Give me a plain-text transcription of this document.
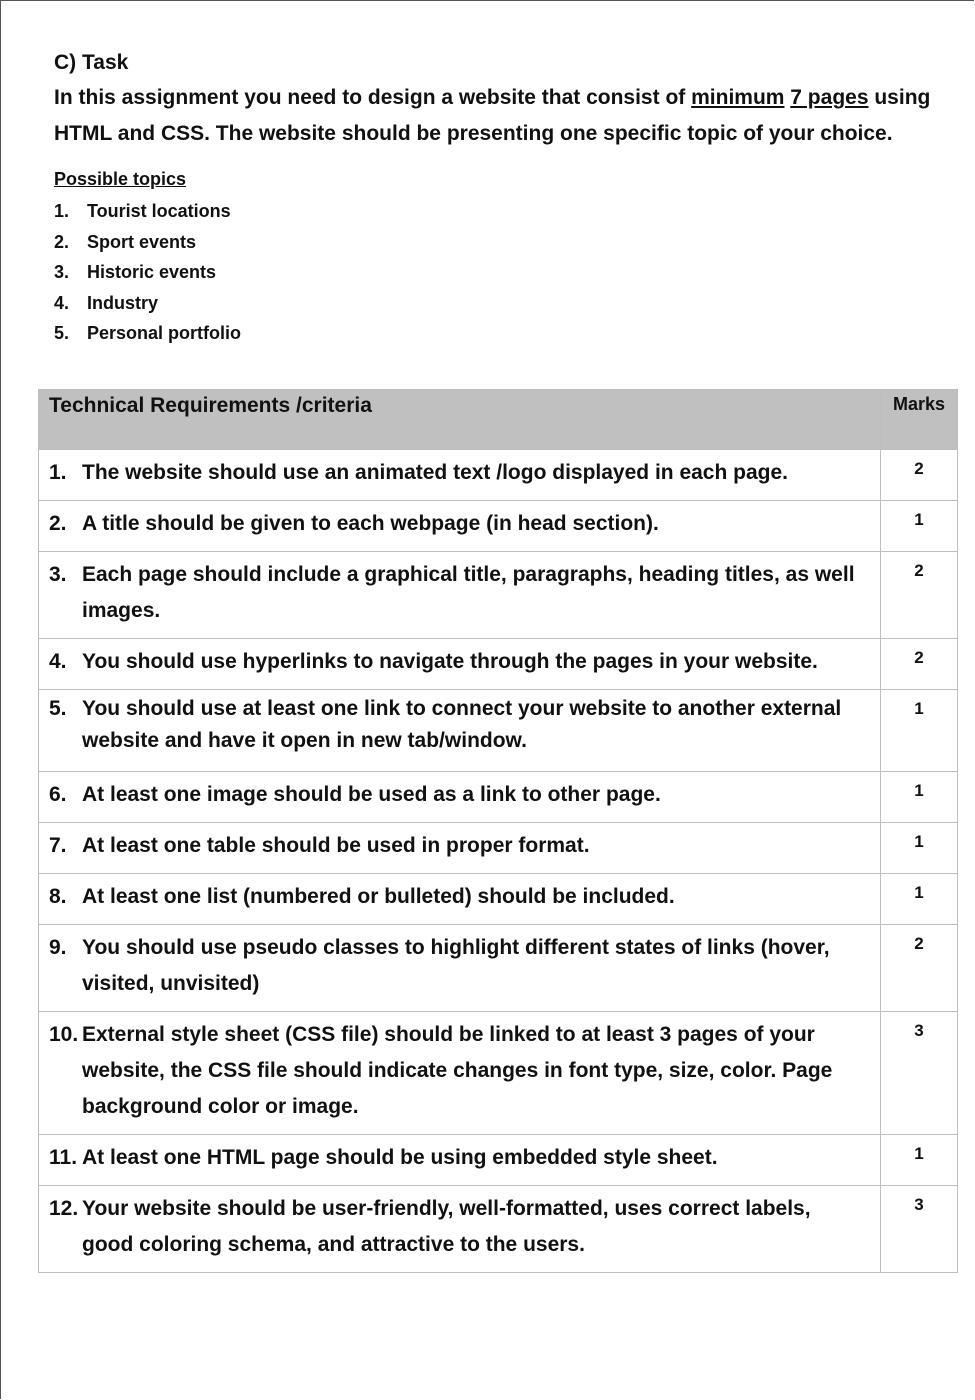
C) Task

In this assignment you need to design a website that consist of minimum 7 pages using HTML and CSS. The website should be presenting one specific topic of your choice.

Possible topics

1. Tourist locations
2. Sport events
3. Historic events
4. Industry
5. Personal portfolio
Technical Requirements /criteria	Marks

1. The website should use an animated text /logo displayed in each page.	2

2. A title should be given to each webpage (in head section).	1

3. Each page should include a graphical title, paragraphs, heading titles, as well images.	2

4. You should use hyperlinks to navigate through the pages in your website.	2

5. You should use at least one link to connect your website to another external website and have it open in new tab/window.	1

6. At least one image should be used as a link to other page.	1

7. At least one table should be used in proper format.	1

8. At least one list (numbered or bulleted) should be included.	1

9. You should use pseudo classes to highlight different states of links (hover, visited, unvisited)	2

10. External style sheet (CSS file) should be linked to at least 3 pages of your website, the CSS file should indicate changes in font type, size, color. Page background color or image.	3

11. At least one HTML page should be using embedded style sheet.	1

12. Your website should be user-friendly, well-formatted, uses correct labels, good coloring schema, and attractive to the users.	3
